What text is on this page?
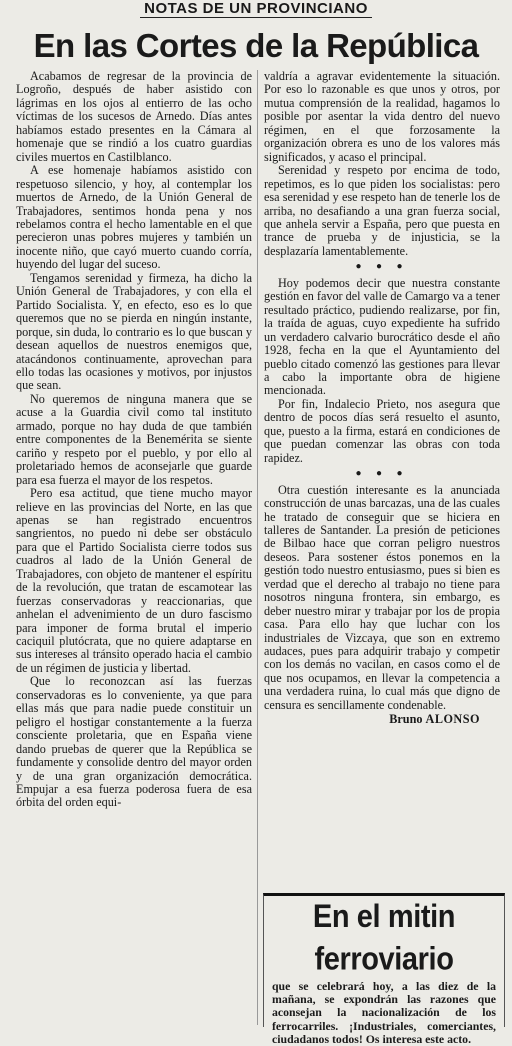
NOTAS DE UN PROVINCIANO
En las Cortes de la República

Acabamos de regresar de la provincia de Logroño, después de haber asistido con lágrimas en los ojos al entierro de las ocho víctimas de los sucesos de Arnedo. Días antes habíamos estado presentes en la Cámara al homenaje que se rindió a los cuatro guardias civiles muertos en Castilblanco.

A ese homenaje habíamos asistido con respetuoso silencio, y hoy, al contemplar los muertos de Arnedo, de la Unión General de Trabajadores, sentimos honda pena y nos rebelamos contra el hecho lamentable en el que perecieron unas pobres mujeres y también un inocente niño, que cayó muerto cuando corría, huyendo del lugar del suceso.

Tengamos serenidad y firmeza, ha dicho la Unión General de Trabajadores, y con ella el Partido Socialista. Y, en efecto, eso es lo que queremos que no se pierda en ningún instante, porque, sin duda, lo contrario es lo que buscan y desean aquellos de nuestros enemigos que, atacándonos continuamente, aprovechan para ello todas las ocasiones y motivos, por injustos que sean.

No queremos de ninguna manera que se acuse a la Guardia civil como tal instituto armado, porque no hay duda de que también entre componentes de la Benemérita se siente cariño y respeto por el pueblo, y por ello al proletariado hemos de aconsejarle que guarde para esa fuerza el mayor de los respetos.

Pero esa actitud, que tiene mucho mayor relieve en las provincias del Norte, en las que apenas se han registrado encuentros sangrientos, no puedo ni debe ser obstáculo para que el Partido Socialista cierre todos sus cuadros al lado de la Unión General de Trabajadores, con objeto de mantener el espíritu de la revolución, que tratan de escamotear las fuerzas conservadoras y reaccionarias, que anhelan el advenimiento de un duro fascismo para imponer de forma brutal el imperio caciquil plutócrata, que no quiere adaptarse en sus intereses al tránsito operado hacia el cambio de un régimen de justicia y libertad.

Que lo reconozcan así las fuerzas conservadoras es lo conveniente, ya que para ellas más que para nadie puede constituir un peligro el hostigar constantemente a la fuerza consciente proletaria, que en España viene dando pruebas de querer que la República se fundamente y consolide dentro del mayor orden y de una gran organización democrática. Empujar a esa fuerza poderosa fuera de esa órbita del orden equi-

valdría a agravar evidentemente la situación. Por eso lo razonable es que unos y otros, por mutua comprensión de la realidad, hagamos lo posible por asentar la vida dentro del nuevo régimen, en el que forzosamente la organización obrera es uno de los valores más significados, y acaso el principal.

Serenidad y respeto por encima de todo, repetimos, es lo que piden los socialistas: pero esa serenidad y ese respeto han de tenerle los de arriba, no desafiando a una gran fuerza social, que anhela servir a España, pero que puesta en trance de prueba y de injusticia, se la desplazaría lamentablemente.

● ● ●

Hoy podemos decir que nuestra constante gestión en favor del valle de Camargo va a tener resultado práctico, pudiendo realizarse, por fin, la traída de aguas, cuyo expediente ha sufrido un verdadero calvario burocrático desde el año 1928, fecha en la que el Ayuntamiento del pueblo citado comenzó las gestiones para llevar a cabo la importante obra de higiene mencionada.

Por fin, Indalecio Prieto, nos asegura que dentro de pocos días será resuelto el asunto, que, puesto a la firma, estará en condiciones de que puedan comenzar las obras con toda rapidez.

● ● ●

Otra cuestión interesante es la anunciada construcción de unas barcazas, una de las cuales he tratado de conseguir que se hiciera en talleres de Santander. La presión de peticiones de Bilbao hace que corran peligro nuestros deseos. Para sostener éstos ponemos en la gestión todo nuestro entusiasmo, pues si bien es verdad que el derecho al trabajo no tiene para nosotros ninguna frontera, sin embargo, es deber nuestro mirar y trabajar por los de propia casa. Para ello hay que luchar con los industriales de Vizcaya, que son en extremo audaces, pues para adquirir trabajo y competir con los demás no vacilan, en casos como el de que nos ocupamos, en llevar la competencia a una verdadera ruina, lo cual más que digno de censura es sencillamente condenable.

Bruno ALONSO
En el mitin ferroviario
que se celebrará hoy, a las diez de la mañana, se expondrán las razones que aconsejan la nacionalización de los ferrocarriles. ¡Industriales, comerciantes, ciudadanos todos! Os interesa este acto.
